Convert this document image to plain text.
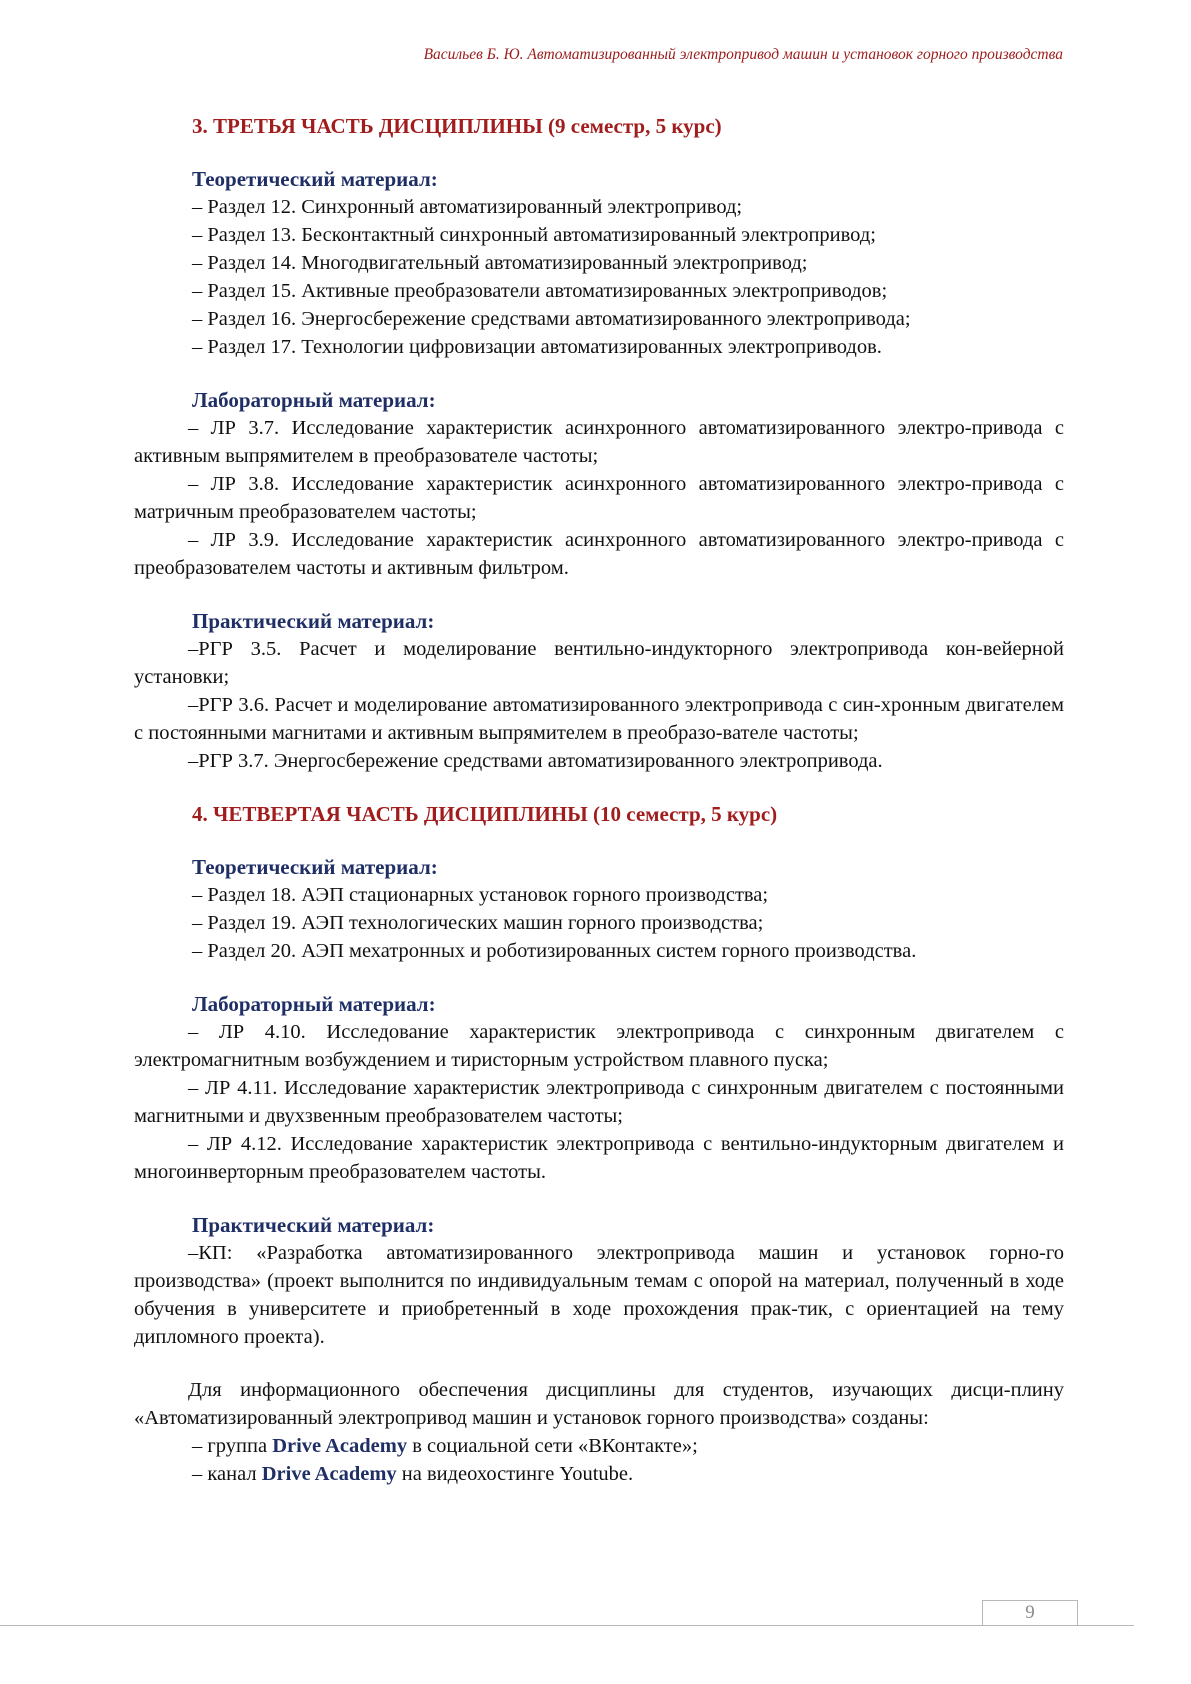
Васильев Б. Ю. Автоматизированный электропривод машин и установок горного производства
3. ТРЕТЬЯ ЧАСТЬ ДИСЦИПЛИНЫ (9 семестр, 5 курс)
Теоретический материал:
– Раздел 12. Синхронный автоматизированный электропривод;
– Раздел 13. Бесконтактный синхронный автоматизированный электропривод;
– Раздел 14. Многодвигательный автоматизированный электропривод;
– Раздел 15. Активные преобразователи автоматизированных электроприводов;
– Раздел 16. Энергосбережение средствами автоматизированного электропривода;
– Раздел 17. Технологии цифровизации автоматизированных электроприводов.
Лабораторный материал:

– ЛР 3.7. Исследование характеристик асинхронного автоматизированного электро-привода с активным выпрямителем в преобразователе частоты;

– ЛР 3.8. Исследование характеристик асинхронного автоматизированного электро-привода с матричным преобразователем частоты;

– ЛР 3.9. Исследование характеристик асинхронного автоматизированного электро-привода с преобразователем частоты и активным фильтром.

Практический материал:

–РГР 3.5. Расчет и моделирование вентильно-индукторного электропривода кон-вейерной установки;

–РГР 3.6. Расчет и моделирование автоматизированного электропривода с син-хронным двигателем с постоянными магнитами и активным выпрямителем в преобразо-вателе частоты;

–РГР 3.7. Энергосбережение средствами автоматизированного электропривода.

4. ЧЕТВЕРТАЯ ЧАСТЬ ДИСЦИПЛИНЫ (10 семестр, 5 курс)
Теоретический материал:
– Раздел 18. АЭП стационарных установок горного производства;
– Раздел 19. АЭП технологических машин горного производства;
– Раздел 20. АЭП мехатронных и роботизированных систем горного производства.
Лабораторный материал:

– ЛР 4.10. Исследование характеристик электропривода с синхронным двигателем с электромагнитным возбуждением и тиристорным устройством плавного пуска;

– ЛР 4.11. Исследование характеристик электропривода с синхронным двигателем с постоянными магнитными и двухзвенным преобразователем частоты;

– ЛР 4.12. Исследование характеристик электропривода с вентильно-индукторным двигателем и многоинверторным преобразователем частоты.

Практический материал:

–КП: «Разработка автоматизированного электропривода машин и установок горно-го производства» (проект выполнится по индивидуальным темам с опорой на материал, полученный в ходе обучения в университете и приобретенный в ходе прохождения прак-тик, с ориентацией на тему дипломного проекта).

Для информационного обеспечения дисциплины для студентов, изучающих дисци-плину «Автоматизированный электропривод машин и установок горного производства» созданы:

– группа Drive Academy в социальной сети «ВКонтакте»;
– канал Drive Academy на видеохостинге Youtube.
9
